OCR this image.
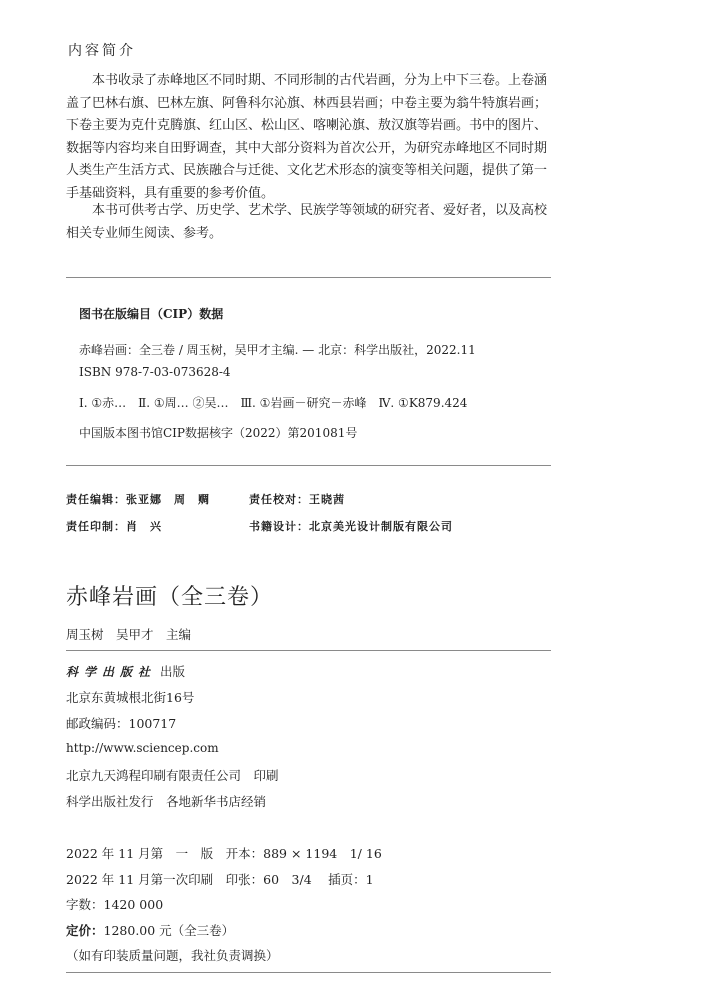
内容简介
本书收录了赤峰地区不同时期、不同形制的古代岩画，分为上中下三卷。上卷涵
盖了巴林右旗、巴林左旗、阿鲁科尔沁旗、林西县岩画；中卷主要为翁牛特旗岩画；
下卷主要为克什克腾旗、红山区、松山区、喀喇沁旗、敖汉旗等岩画。书中的图片、
数据等内容均来自田野调查，其中大部分资料为首次公开，为研究赤峰地区不同时期
人类生产生活方式、民族融合与迁徙、文化艺术形态的演变等相关问题，提供了第一
手基础资料，具有重要的参考价值。
本书可供考古学、历史学、艺术学、民族学等领域的研究者、爱好者，以及高校
相关专业师生阅读、参考。
图书在版编目（CIP）数据
赤峰岩画：全三卷 / 周玉树，吴甲才主编. — 北京：科学出版社，2022.11
ISBN 978-7-03-073628-4
Ⅰ. ①赤…　Ⅱ. ①周… ②吴…　Ⅲ. ①岩画－研究－赤峰　Ⅳ. ①K879.424
中国版本图书馆CIP数据核字（2022）第201081号
责任编辑：张亚娜　周　赒	责任校对：王晓茜
责任印制：肖　兴	书籍设计：北京美光设计制版有限公司
赤峰岩画（全三卷）
周玉树　吴甲才　主编
科学出版社 出版
北京东黄城根北街16号
邮政编码：100717
http://www.sciencep.com
北京九天鸿程印刷有限责任公司　印刷
科学出版社发行　各地新华书店经销
2022 年 11 月第　一　版　开本：889 × 1194　1/ 16
2022 年 11 月第一次印刷　印张：60　3/4　 插页：1
字数：1420 000
定价：1280.00 元（全三卷）
（如有印装质量问题，我社负责调换）
